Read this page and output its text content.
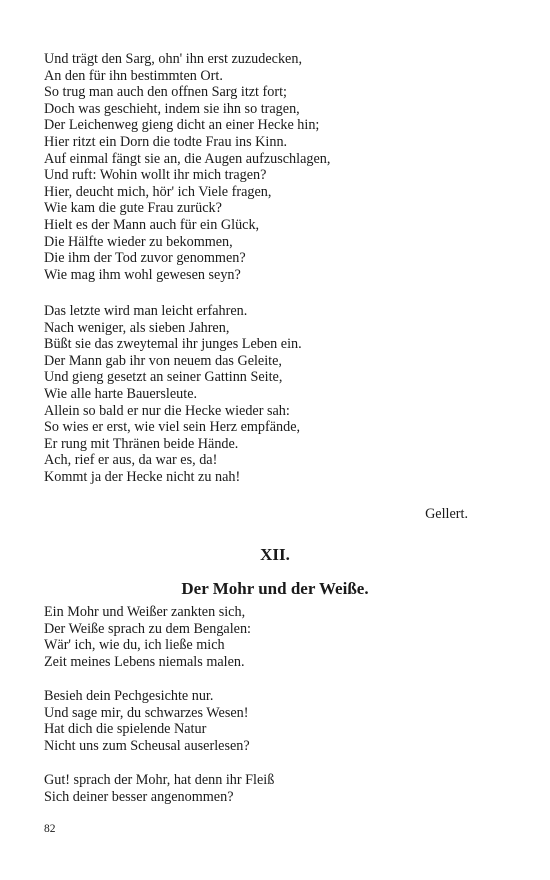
Und trägt den Sarg, ohn' ihn erst zuzudecken,
An den für ihn bestimmten Ort.
So trug man auch den offnen Sarg itzt fort;
Doch was geschieht, indem sie ihn so tragen,
Der Leichenweg gieng dicht an einer Hecke hin;
Hier ritzt ein Dorn die todte Frau ins Kinn.
Auf einmal fängt sie an, die Augen aufzuschlagen,
Und ruft: Wohin wollt ihr mich tragen?
Hier, deucht mich, hör' ich Viele fragen,
Wie kam die gute Frau zurück?
Hielt es der Mann auch für ein Glück,
Die Hälfte wieder zu bekommen,
Die ihm der Tod zuvor genommen?
Wie mag ihm wohl gewesen seyn?
Das letzte wird man leicht erfahren.
Nach weniger, als sieben Jahren,
Büßt sie das zweytemal ihr junges Leben ein.
Der Mann gab ihr von neuem das Geleite,
Und gieng gesetzt an seiner Gattinn Seite,
Wie alle harte Bauersleute.
Allein so bald er nur die Hecke wieder sah:
So wies er erst, wie viel sein Herz empfände,
Er rung mit Thränen beide Hände.
Ach, rief er aus, da war es, da!
Kommt ja der Hecke nicht zu nah!
Gellert.
XII.
Der Mohr und der Weiße.
Ein Mohr und Weißer zankten sich,
Der Weiße sprach zu dem Bengalen:
Wär' ich, wie du, ich ließe mich
Zeit meines Lebens niemals malen.
Besieh dein Pechgesichte nur.
Und sage mir, du schwarzes Wesen!
Hat dich die spielende Natur
Nicht uns zum Scheusal auserlesen?
Gut! sprach der Mohr, hat denn ihr Fleiß
Sich deiner besser angenommen?
82
